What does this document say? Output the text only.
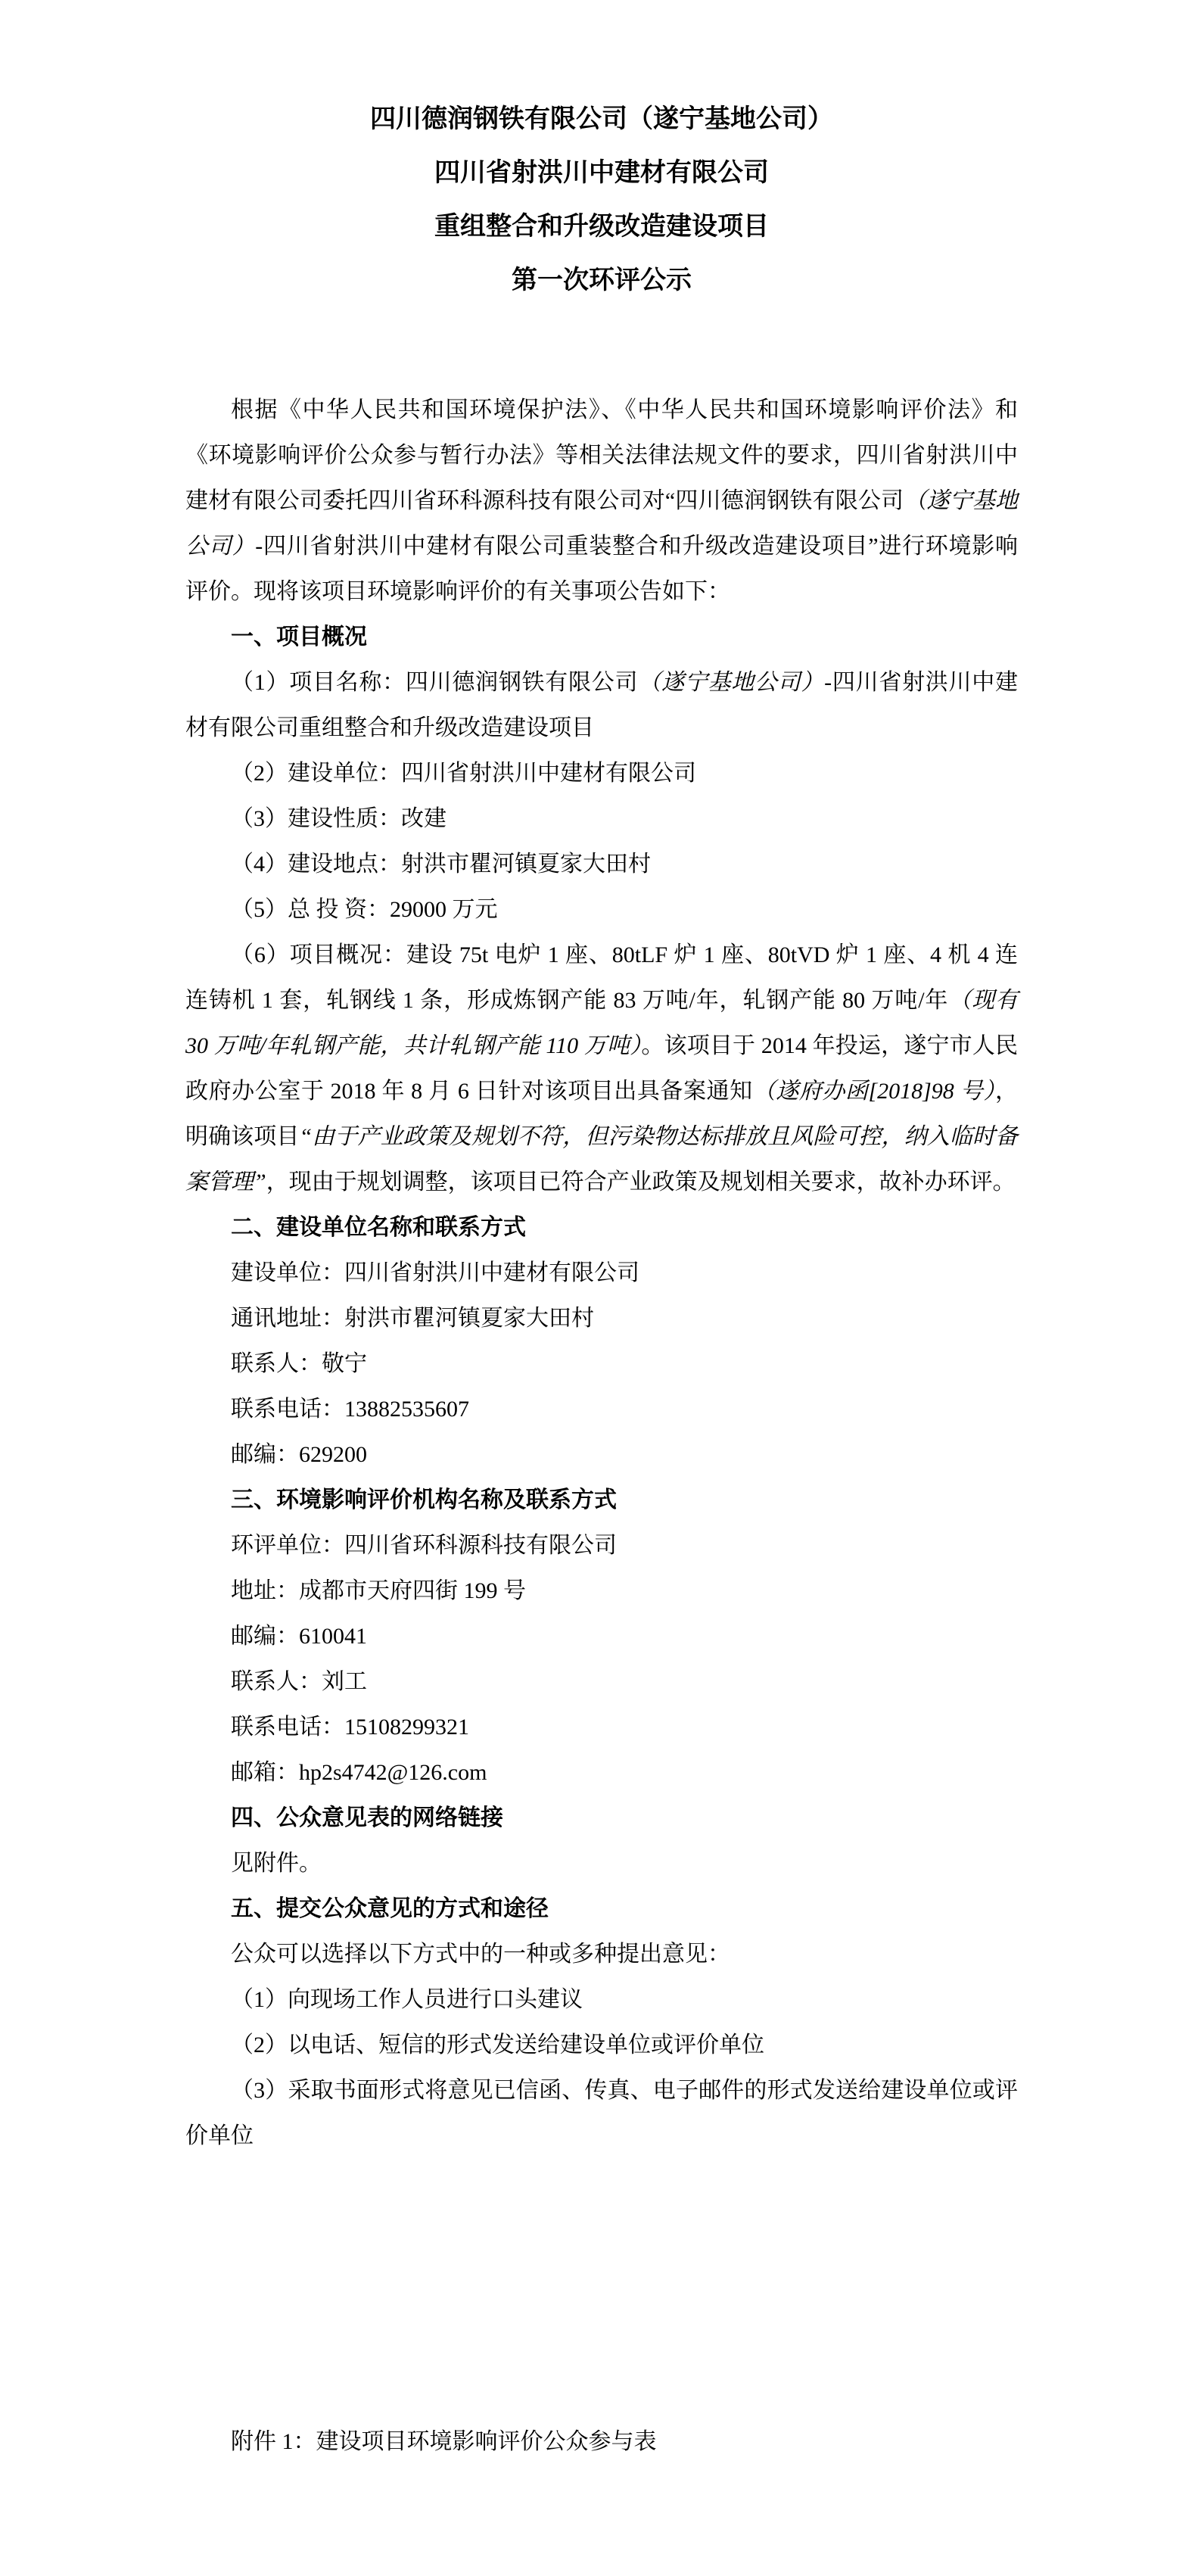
四川德润钢铁有限公司（遂宁基地公司）
四川省射洪川中建材有限公司
重组整合和升级改造建设项目
第一次环评公示

根据《中华人民共和国环境保护法》、《中华人民共和国环境影响评价法》和《环境影响评价公众参与暂行办法》等相关法律法规文件的要求，四川省射洪川中建材有限公司委托四川省环科源科技有限公司对“四川德润钢铁有限公司（遂宁基地公司）-四川省射洪川中建材有限公司重装整合和升级改造建设项目”进行环境影响评价。现将该项目环境影响评价的有关事项公告如下：

一、项目概况

（1）项目名称：四川德润钢铁有限公司（遂宁基地公司）-四川省射洪川中建材有限公司重组整合和升级改造建设项目

（2）建设单位：四川省射洪川中建材有限公司

（3）建设性质：改建

（4）建设地点：射洪市瞿河镇夏家大田村

（5）总 投 资：29000 万元

（6）项目概况：建设 75t 电炉 1 座、80tLF 炉 1 座、80tVD 炉 1 座、4 机 4 连连铸机 1 套，轧钢线 1 条，形成炼钢产能 83 万吨/年，轧钢产能 80 万吨/年（现有 30 万吨/年轧钢产能，共计轧钢产能 110 万吨）。该项目于 2014 年投运，遂宁市人民政府办公室于 2018 年 8 月 6 日针对该项目出具备案通知（遂府办函[2018]98 号），明确该项目“由于产业政策及规划不符，但污染物达标排放且风险可控，纳入临时备案管理”，现由于规划调整，该项目已符合产业政策及规划相关要求，故补办环评。

二、建设单位名称和联系方式

建设单位：四川省射洪川中建材有限公司

通讯地址：射洪市瞿河镇夏家大田村

联系人：敬宁

联系电话：13882535607

邮编：629200

三、环境影响评价机构名称及联系方式

环评单位：四川省环科源科技有限公司

地址：成都市天府四街 199 号

邮编：610041

联系人：刘工

联系电话：15108299321

邮箱：hp2s4742@126.com

四、公众意见表的网络链接

见附件。

五、提交公众意见的方式和途径

公众可以选择以下方式中的一种或多种提出意见：

（1）向现场工作人员进行口头建议

（2）以电话、短信的形式发送给建设单位或评价单位

（3）采取书面形式将意见已信函、传真、电子邮件的形式发送给建设单位或评价单位

附件 1：建设项目环境影响评价公众参与表
